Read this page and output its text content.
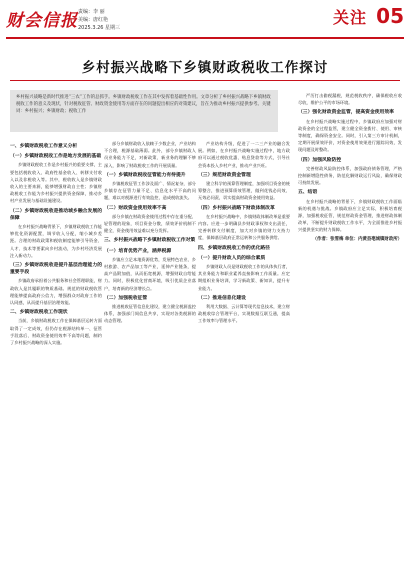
财会信报 责编：李 丽
美编：唐红艳
2025.3.26 星期三
关注 05
乡村振兴战略下乡镇财政税收工作探讨
乡村振兴战略是新时代推进“三农”工作的总抓手。乡镇财政税收工作在其中发挥着基础性作用。文章分析了乡村振兴战略下乡镇财政税收工作的意义及现状，针对税收征管、财政资金使用等方面存在的问题提出相应的对策建议，旨在为推动乡村振兴提供参考。关键词：乡村振兴；乡镇财政；税收工作
一、乡镇财政税收工作意义分析
（一）乡镇财政税收工作是地方发展的基础
乡镇财政税收工作是乡村振兴的重要支撑，主要包括税收收入、政府性基金收入、转移支付收入以及非税收入等。其中，税收收入是乡镇财政收入的主要来源，能够增强财政自主性；乡镇财政税收工作能为乡村振兴提供资金保障，推动乡村产业发展与基础设施建设。
（二）乡镇财政税收是推动城乡融合发展的保障
在乡村振兴战略背景下，乡镇财政税收工作能够优化资源配置，调节收入分配，缩小城乡差距。合理的财政政策和税收制度能够引导资金、人才、技术等要素向乡村流动，为乡村经济发展注入新动力。
（三）乡镇财政税收是提升基层治理能力的重要手段
乡镇政府承担着公共服务和社会管理职能，财政收入是其履职的物质基础。规范的财政税收管理能够提高政府公信力，增强群众对政府工作的认同感，从而提升基层治理效能。
二、乡镇财政税收工作现状
当前，乡镇财政税收工作在保障基层运转方面取得了一定成效，但仍存在税源结构单一、征管手段落后、财政资金使用效率不高等问题，制约了乡村振兴战略的深入实施。
部分乡镇财政收入依赖于少数企业，产业结构不合理，税源基础薄弱。此外，部分乡镇财政人员业务能力不足，对新政策、新业务的理解不够深入，影响了财政税收工作的开展质量。
（一）乡镇财政税收征管能力有待提升
乡镇税收征管工作涉及面广、情况复杂，部分乡镇存在征管力量不足、信息化水平不高的问题，难以对税源进行有效监控，造成税收流失。
（二）财政资金使用效率不高
部分乡镇在财政资金使用过程中存在重分配、轻管理的现象，项目资金分散，绩效评价机制不健全，资金使用效益难以充分发挥。
三、乡村振兴战略下乡镇财政税收工作对策
（一）培育优势产业，涵养税源
乡镇应立足本地资源优势，发展特色农业、乡村旅游、农产品加工等产业，延伸产业链条，提高产品附加值，从而拓宽税源，增强财政自给能力。同时，积极优化营商环境，吸引优质企业落户，培育新的经济增长点。
（二）加强税收征管
推进税收征管信息化建设，建立健全税源监控体系，加强部门间信息共享，实现对各类税源的动态管理。
产业结构升级，促进了一二三产业的融合发展。例如，在乡村振兴战略实施过程中，地方政府可以通过税收优惠、贴息贷款等方式，引导社会资本投入乡村产业，推动产业兴旺。
（三）规范财政资金管理
建立科学的预算管理制度，加强项目资金的统筹整合，推进预算绩效管理，做到花钱必问效、无效必问责，切实提高财政资金使用效益。
（四）乡村振兴战略下财政体制改革
在乡村振兴战略中，乡镇财政体制改革是重要内容。应进一步明确县乡财政事权和支出责任，完善转移支付制度，加大对乡镇的财力支持力度，保障基层政府正常运转和公共服务供给。
四、乡镇财政税收工作的优化路径
（一）提升财政人员的综合素质
乡镇财政人员是财政税收工作的具体执行者，其业务能力和职业素养直接影响工作质量。应定期组织业务培训，学习新政策、新知识，提升专业能力。
（二）推进信息化建设
利用大数据、云计算等现代信息技术，建立财政税收综合管理平台，实现数据互联互通，提高工作效率与管理水平。
严厉打击偷税漏税，规范税收秩序，确保税收应收尽收，维护公平的市场环境。
（三）强化财政资金监管，提高资金使用效率
在乡村振兴战略实施过程中，乡镇政府应加强对财政资金的全过程监管，建立健全资金拨付、使用、审核等制度，确保资金安全。同时，引入第三方审计机制，定期开展绩效评价，对资金使用效果进行跟踪问效，发现问题及时整改。
（四）加强风险防控
完善财政风险防控体系，加强政府债务管理，严格控制新增隐性债务，防范化解财政运行风险，确保财政可持续发展。
五、结语
在乡村振兴战略的背景下，乡镇财政税收工作面临新的机遇与挑战。乡镇政府应立足实际，积极培育税源，加强税收征管，规范财政资金管理，推进财政体制改革，不断提升财政税收工作水平，为全面推进乡村振兴提供坚实的财力保障。
（作者：张雪梅 单位：内黄县亳城镇财政所）
